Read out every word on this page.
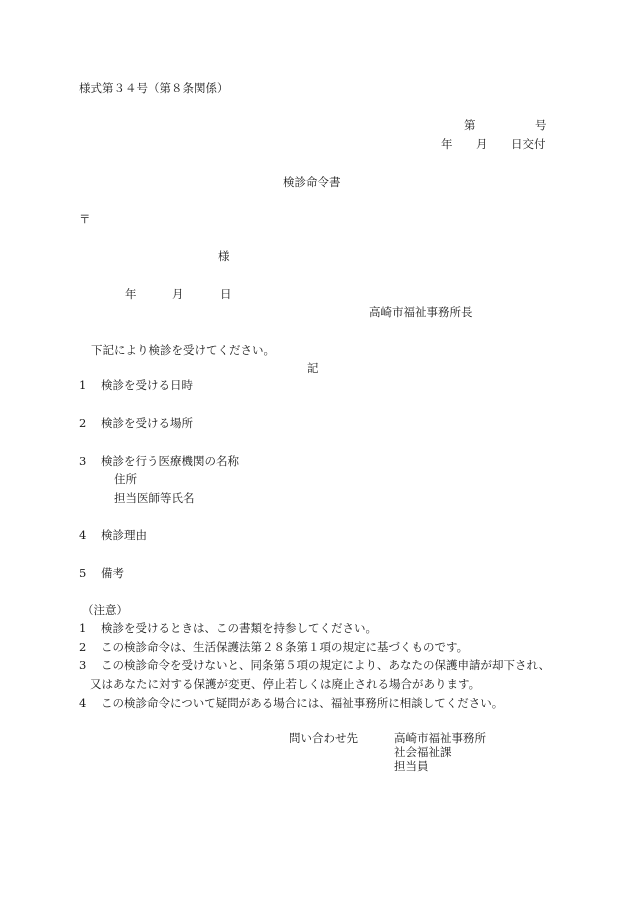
様式第３４号（第８条関係）
第	号
年 月 日交付
検診命令書
〒
様
年	月	日
高崎市福祉事務所長
下記により検診を受けてください。
記
1 検診を受ける日時
2 検診を受ける場所
3 検診を行う医療機関の名称
住所
担当医師等氏名
4 検診理由
5 備考
（注意）
1 検診を受けるときは、この書類を持参してください。
2 この検診命令は、生活保護法第２８条第１項の規定に基づくものです。
3 この検診命令を受けないと、同条第５項の規定により、あなたの保護申請が却下され、
又はあなたに対する保護が変更、停止若しくは廃止される場合があります。
4 この検診命令について疑問がある場合には、福祉事務所に相談してください。
問い合わせ先	高崎市福祉事務所
社会福祉課
担当員
